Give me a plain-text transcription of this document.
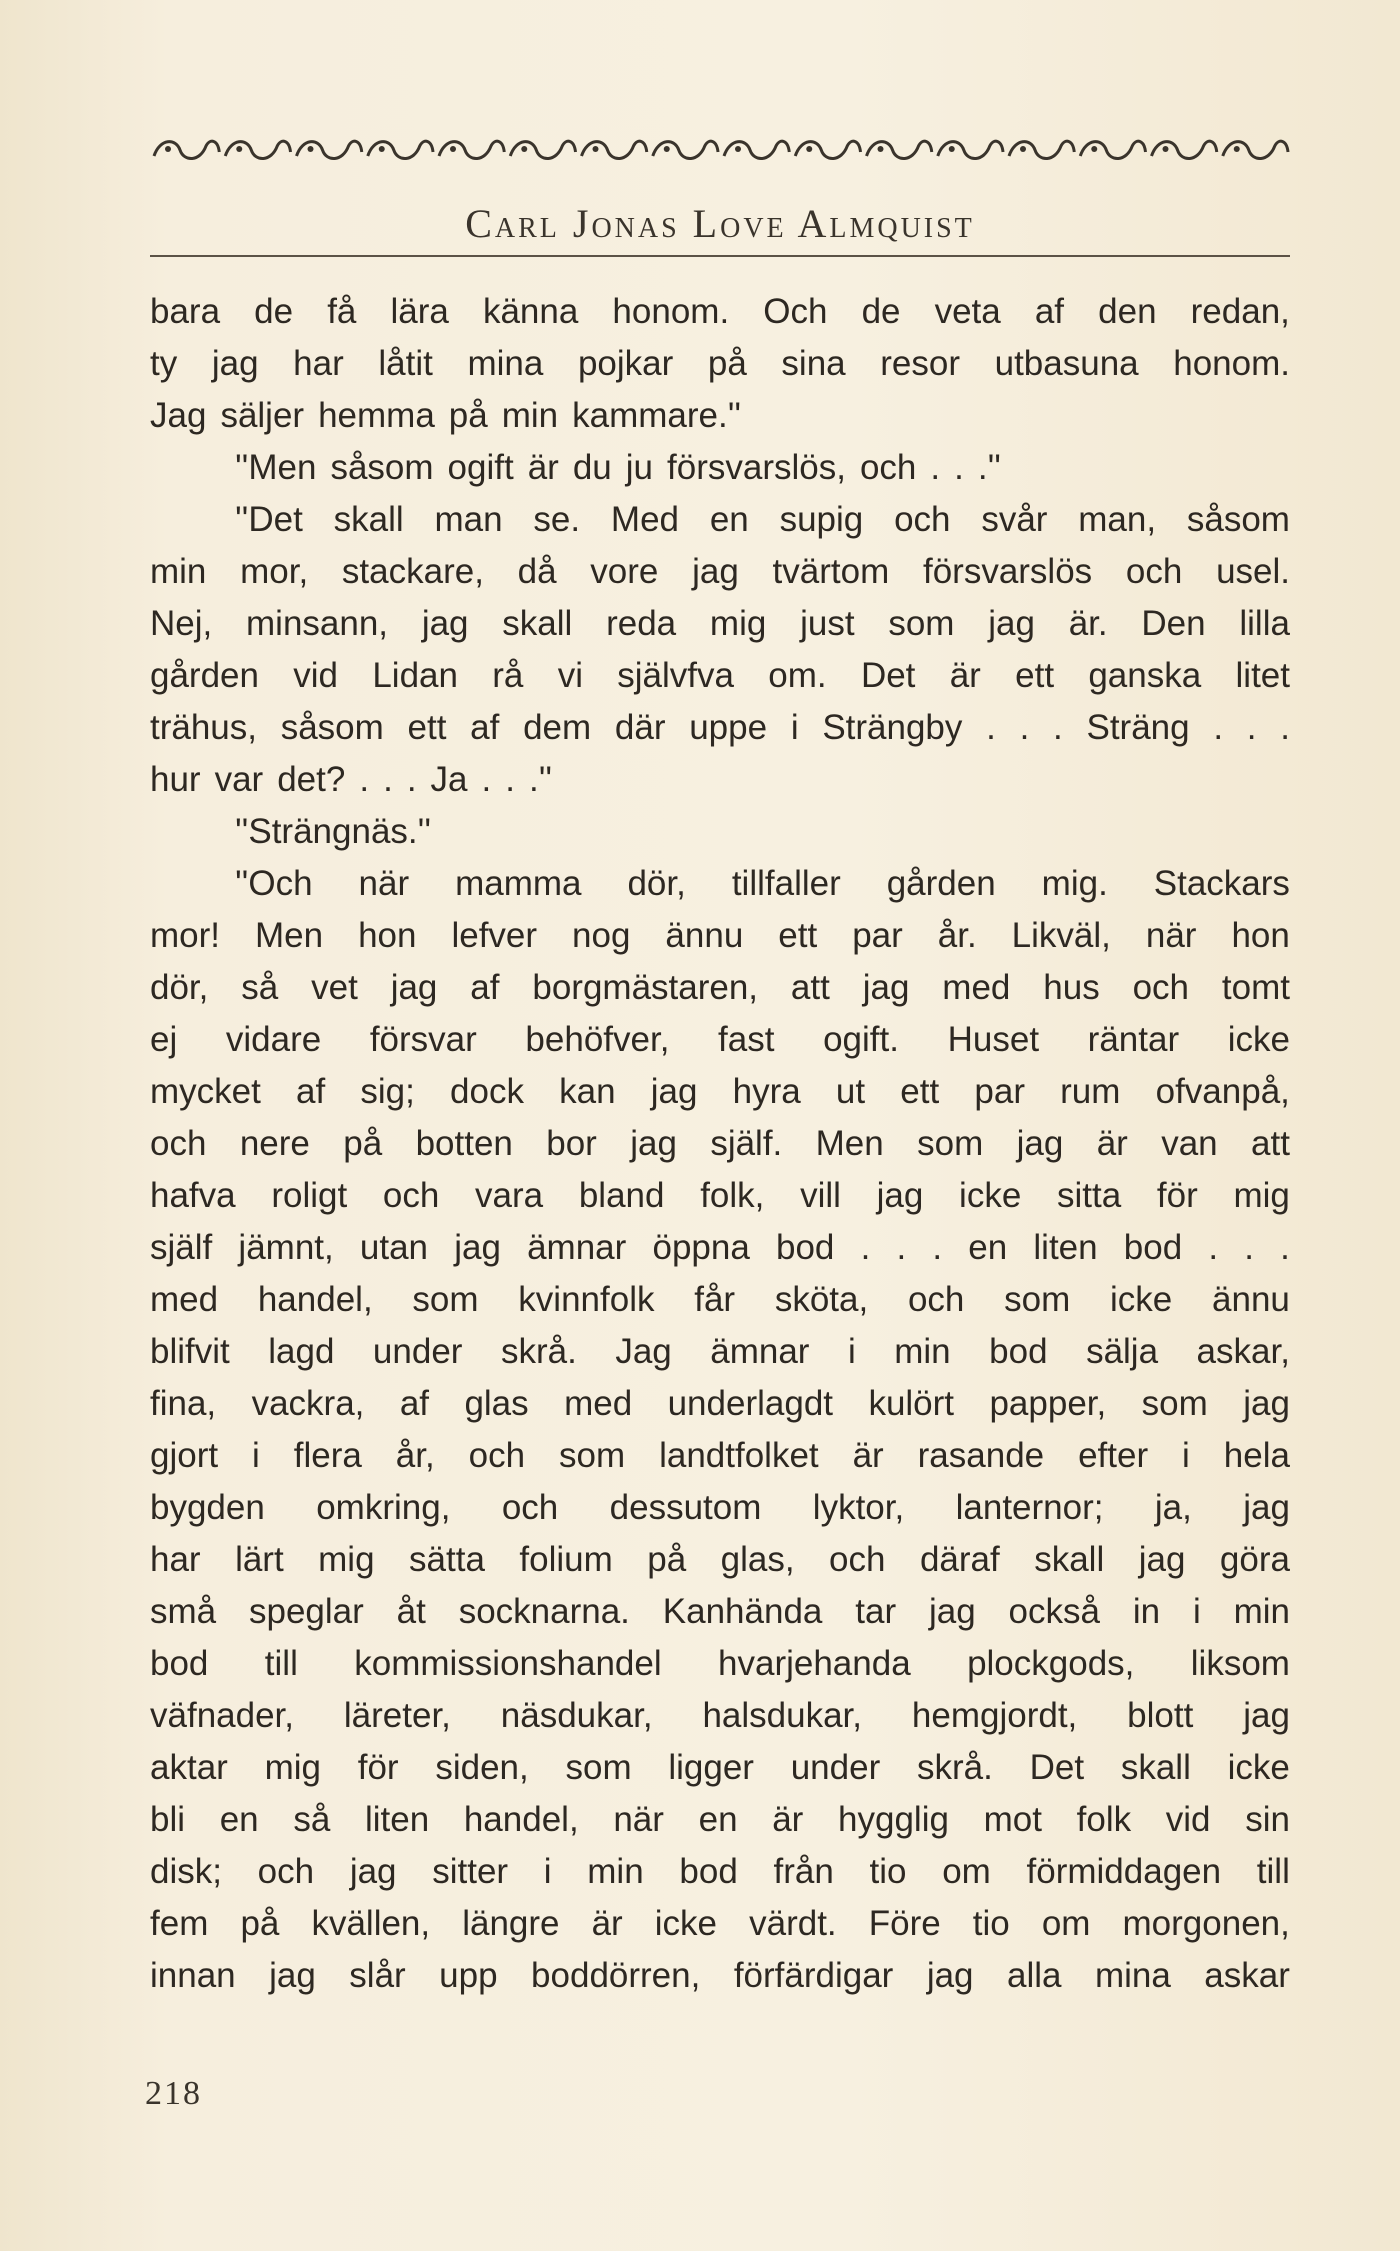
Carl Jonas Love Almquist
bara de få lära känna honom. Och de veta af den redan,
ty jag har låtit mina pojkar på sina resor utbasuna honom.
Jag säljer hemma på min kammare.''
''Men såsom ogift är du ju försvarslös, och . . .''
''Det skall man se. Med en supig och svår man, såsom
min mor, stackare, då vore jag tvärtom försvarslös och usel.
Nej, minsann, jag skall reda mig just som jag är. Den lilla
gården vid Lidan rå vi självfva om. Det är ett ganska litet
trähus, såsom ett af dem där uppe i Strängby . . . Sträng . . .
hur var det? . . . Ja . . .''
''Strängnäs.''
''Och när mamma dör, tillfaller gården mig. Stackars
mor! Men hon lefver nog ännu ett par år. Likväl, när hon
dör, så vet jag af borgmästaren, att jag med hus och tomt
ej vidare försvar behöfver, fast ogift. Huset räntar icke
mycket af sig; dock kan jag hyra ut ett par rum ofvanpå,
och nere på botten bor jag själf. Men som jag är van att
hafva roligt och vara bland folk, vill jag icke sitta för mig
själf jämnt, utan jag ämnar öppna bod . . . en liten bod . . .
med handel, som kvinnfolk får sköta, och som icke ännu
blifvit lagd under skrå. Jag ämnar i min bod sälja askar,
fina, vackra, af glas med underlagdt kulört papper, som jag
gjort i flera år, och som landtfolket är rasande efter i hela
bygden omkring, och dessutom lyktor, lanternor; ja, jag
har lärt mig sätta folium på glas, och däraf skall jag göra
små speglar åt socknarna. Kanhända tar jag också in i min
bod till kommissionshandel hvarjehanda plockgods, liksom
väfnader, läreter, näsdukar, halsdukar, hemgjordt, blott jag
aktar mig för siden, som ligger under skrå. Det skall icke
bli en så liten handel, när en är hygglig mot folk vid sin
disk; och jag sitter i min bod från tio om förmiddagen till
fem på kvällen, längre är icke värdt. Före tio om morgonen,
innan jag slår upp boddörren, förfärdigar jag alla mina askar
218
